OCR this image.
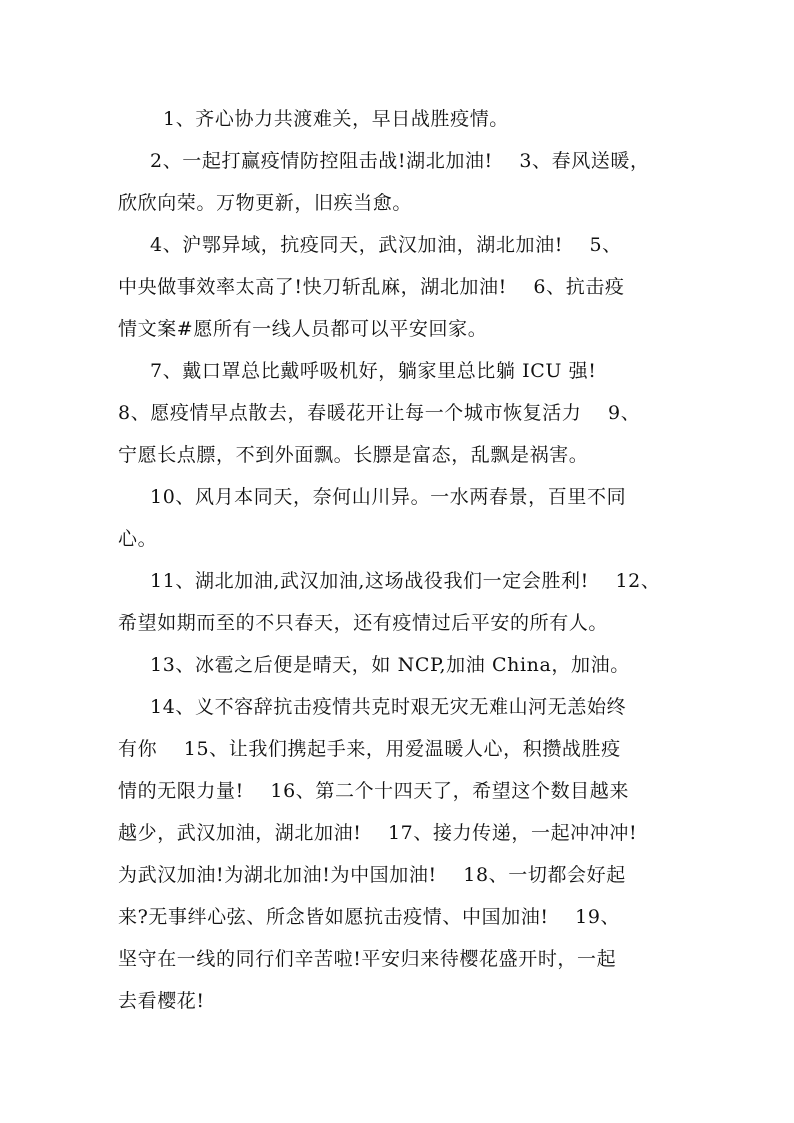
1、齐心协力共渡难关，早日战胜疫情。
2、一起打赢疫情防控阻击战!湖北加油!    3、春风送暖，
欣欣向荣。万物更新，旧疾当愈。
4、沪鄂异域，抗疫同天，武汉加油，湖北加油!    5、
中央做事效率太高了!快刀斩乱麻，湖北加油!    6、抗击疫
情文案#愿所有一线人员都可以平安回家。
7、戴口罩总比戴呼吸机好，躺家里总比躺 ICU 强!
8、愿疫情早点散去，春暖花开让每一个城市恢复活力    9、
宁愿长点膘，不到外面飘。长膘是富态，乱飘是祸害。
10、风月本同天，奈何山川异。一水两春景，百里不同
心。
11、湖北加油,武汉加油,这场战役我们一定会胜利!    12、
希望如期而至的不只春天，还有疫情过后平安的所有人。
13、冰雹之后便是晴天，如 NCP,加油 China，加油。
14、义不容辞抗击疫情共克时艰无灾无难山河无恙始终
有你    15、让我们携起手来，用爱温暖人心，积攒战胜疫
情的无限力量!    16、第二个十四天了，希望这个数目越来
越少，武汉加油，湖北加油!    17、接力传递，一起冲冲冲!
为武汉加油!为湖北加油!为中国加油!    18、一切都会好起
来?无事绊心弦、所念皆如愿抗击疫情、中国加油!    19、
坚守在一线的同行们辛苦啦!平安归来待樱花盛开时，一起
去看樱花!
